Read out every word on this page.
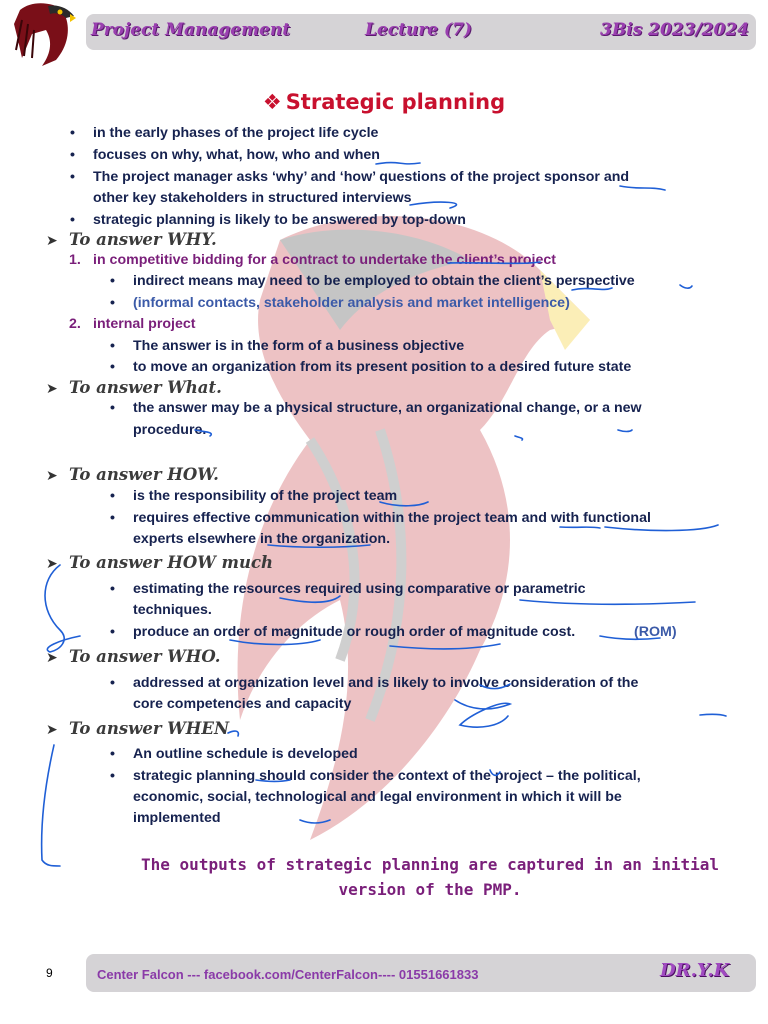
Project Management	Lecture (7)	3Bis 2023/2024
❖ Strategic planning
• in the early phases of the project life cycle
• focuses on why, what, how, who and when
• The project manager asks ‘why’ and ‘how’ questions of the project sponsor and
other key stakeholders in structured interviews
• strategic planning is likely to be answered by top-down
➤ To answer WHY.
1. in competitive bidding for a contract to undertake the client’s project
• indirect means may need to be employed to obtain the client’s perspective
• (informal contacts, stakeholder analysis and market intelligence)
2. internal project
• The answer is in the form of a business objective
• to move an organization from its present position to a desired future state
➤ To answer What.
• the answer may be a physical structure, an organizational change, or a new
procedure.
➤ To answer HOW.
• is the responsibility of the project team
• requires effective communication within the project team and with functional
experts elsewhere in the organization.
➤ To answer HOW much
• estimating the resources required using comparative or parametric
techniques.
• produce an order of magnitude or rough order of magnitude cost.	(ROM)
➤ To answer WHO.
• addressed at organization level and is likely to involve consideration of the
core competencies and capacity
➤ To answer WHEN
• An outline schedule is developed
• strategic planning should consider the context of the project – the political,
economic, social, technological and legal environment in which it will be
implemented
The outputs of strategic planning are captured in an initial version of the PMP.
9	Center Falcon --- facebook.com/CenterFalcon---- 01551661833	DR.Y.K
